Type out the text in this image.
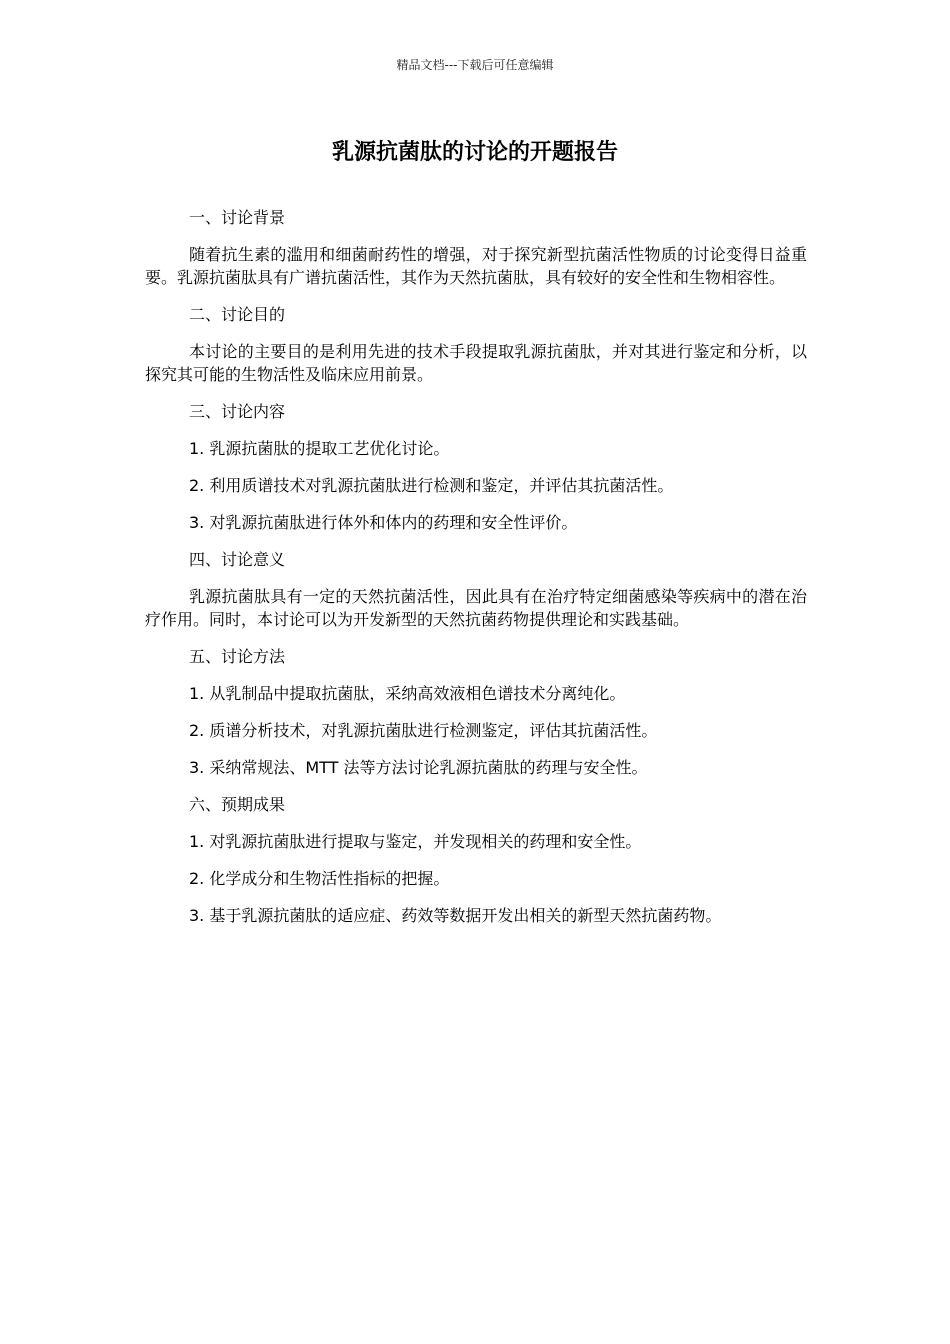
精品文档---下载后可任意编辑
乳源抗菌肽的讨论的开题报告

一、讨论背景

随着抗生素的滥用和细菌耐药性的增强，对于探究新型抗菌活性物质的讨论变得日益重要。乳源抗菌肽具有广谱抗菌活性，其作为天然抗菌肽，具有较好的安全性和生物相容性。

二、讨论目的

本讨论的主要目的是利用先进的技术手段提取乳源抗菌肽，并对其进行鉴定和分析，以探究其可能的生物活性及临床应用前景。

三、讨论内容

1. 乳源抗菌肽的提取工艺优化讨论。

2. 利用质谱技术对乳源抗菌肽进行检测和鉴定，并评估其抗菌活性。

3. 对乳源抗菌肽进行体外和体内的药理和安全性评价。

四、讨论意义

乳源抗菌肽具有一定的天然抗菌活性，因此具有在治疗特定细菌感染等疾病中的潜在治疗作用。同时，本讨论可以为开发新型的天然抗菌药物提供理论和实践基础。

五、讨论方法

1. 从乳制品中提取抗菌肽，采纳高效液相色谱技术分离纯化。

2. 质谱分析技术，对乳源抗菌肽进行检测鉴定，评估其抗菌活性。

3. 采纳常规法、MTT 法等方法讨论乳源抗菌肽的药理与安全性。

六、预期成果

1. 对乳源抗菌肽进行提取与鉴定，并发现相关的药理和安全性。

2. 化学成分和生物活性指标的把握。

3. 基于乳源抗菌肽的适应症、药效等数据开发出相关的新型天然抗菌药物。
